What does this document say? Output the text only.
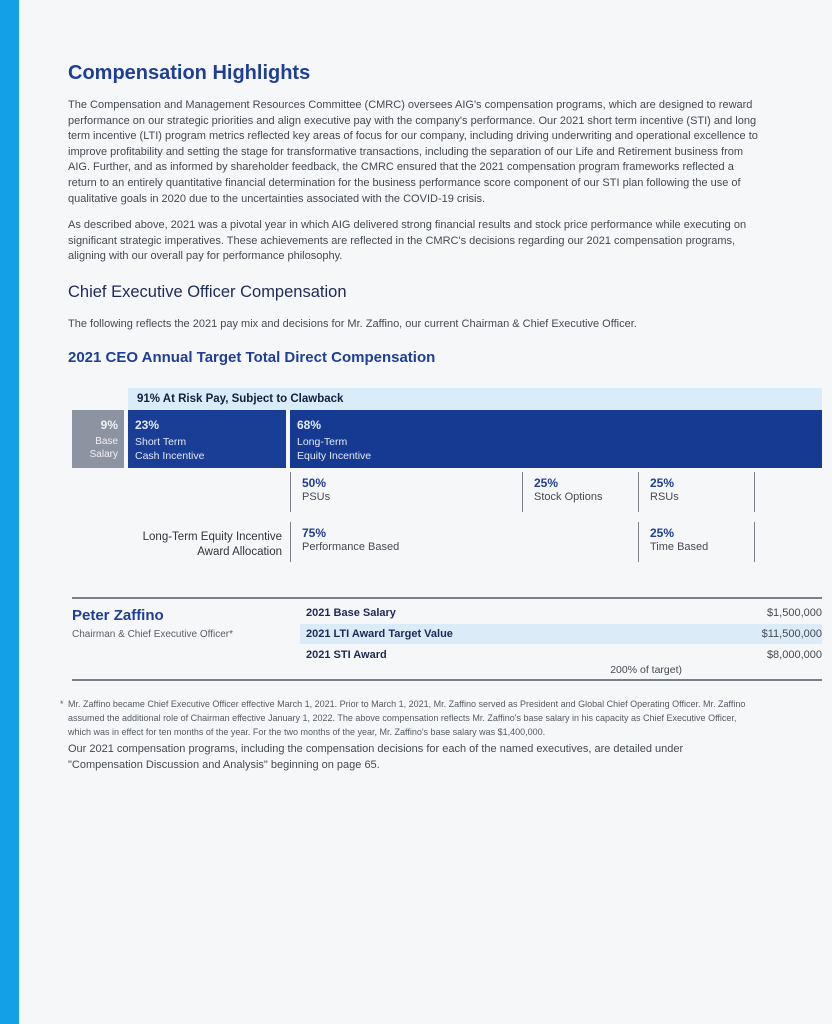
Compensation Highlights

The Compensation and Management Resources Committee (CMRC) oversees AIG's compensation programs, which are designed to reward performance on our strategic priorities and align executive pay with the company's performance. Our 2021 short term incentive (STI) and long term incentive (LTI) program metrics reflected key areas of focus for our company, including driving underwriting and operational excellence to improve profitability and setting the stage for transformative transactions, including the separation of our Life and Retirement business from AIG. Further, and as informed by shareholder feedback, the CMRC ensured that the 2021 compensation program frameworks reflected a return to an entirely quantitative financial determination for the business performance score component of our STI plan following the use of qualitative goals in 2020 due to the uncertainties associated with the COVID-19 crisis.

As described above, 2021 was a pivotal year in which AIG delivered strong financial results and stock price performance while executing on significant strategic imperatives. These achievements are reflected in the CMRC's decisions regarding our 2021 compensation programs, aligning with our overall pay for performance philosophy.

Chief Executive Officer Compensation

The following reflects the 2021 pay mix and decisions for Mr. Zaffino, our current Chairman & Chief Executive Officer.

2021 CEO Annual Target Total Direct Compensation
91% At Risk Pay, Subject to Clawback
9%
Base
Salary
23%
Short Term
Cash Incentive
68%
Long-Term
Equity Incentive
50%
PSUs
25%
Stock Options
25%
RSUs
Long-Term Equity Incentive
Award Allocation
75%
Performance Based
25%
Time Based
Peter Zaffino
Chairman & Chief Executive Officer*
2021 Base Salary	$1,500,000
2021 LTI Award Target Value	$11,500,000
2021 STI Award	$8,000,000
200% of target)
* Mr. Zaffino became Chief Executive Officer effective March 1, 2021. Prior to March 1, 2021, Mr. Zaffino served as President and Global Chief Operating Officer. Mr. Zaffino assumed the additional role of Chairman effective January 1, 2022. The above compensation reflects Mr. Zaffino's base salary in his capacity as Chief Executive Officer, which was in effect for ten months of the year. For the two months of the year, Mr. Zaffino's base salary was $1,400,000.

Our 2021 compensation programs, including the compensation decisions for each of the named executives, are detailed under "Compensation Discussion and Analysis" beginning on page 65.
